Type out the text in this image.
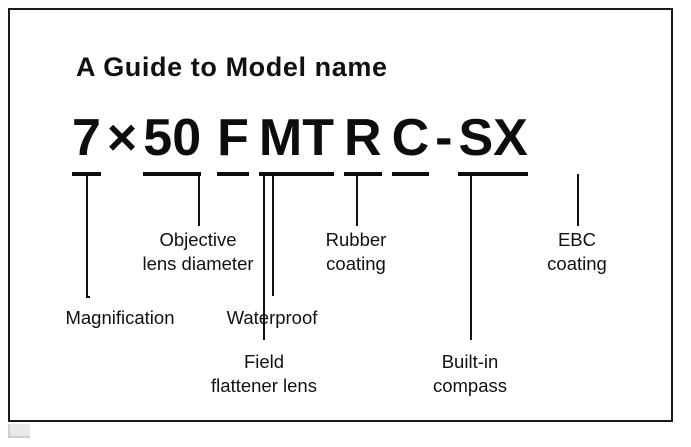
A Guide to Model name
7 × 50 F MT R C - SX
Magnification
Objective
lens diameter
Waterproof
Field
flattener lens
Rubber
coating
Built-in
compass
EBC
coating
